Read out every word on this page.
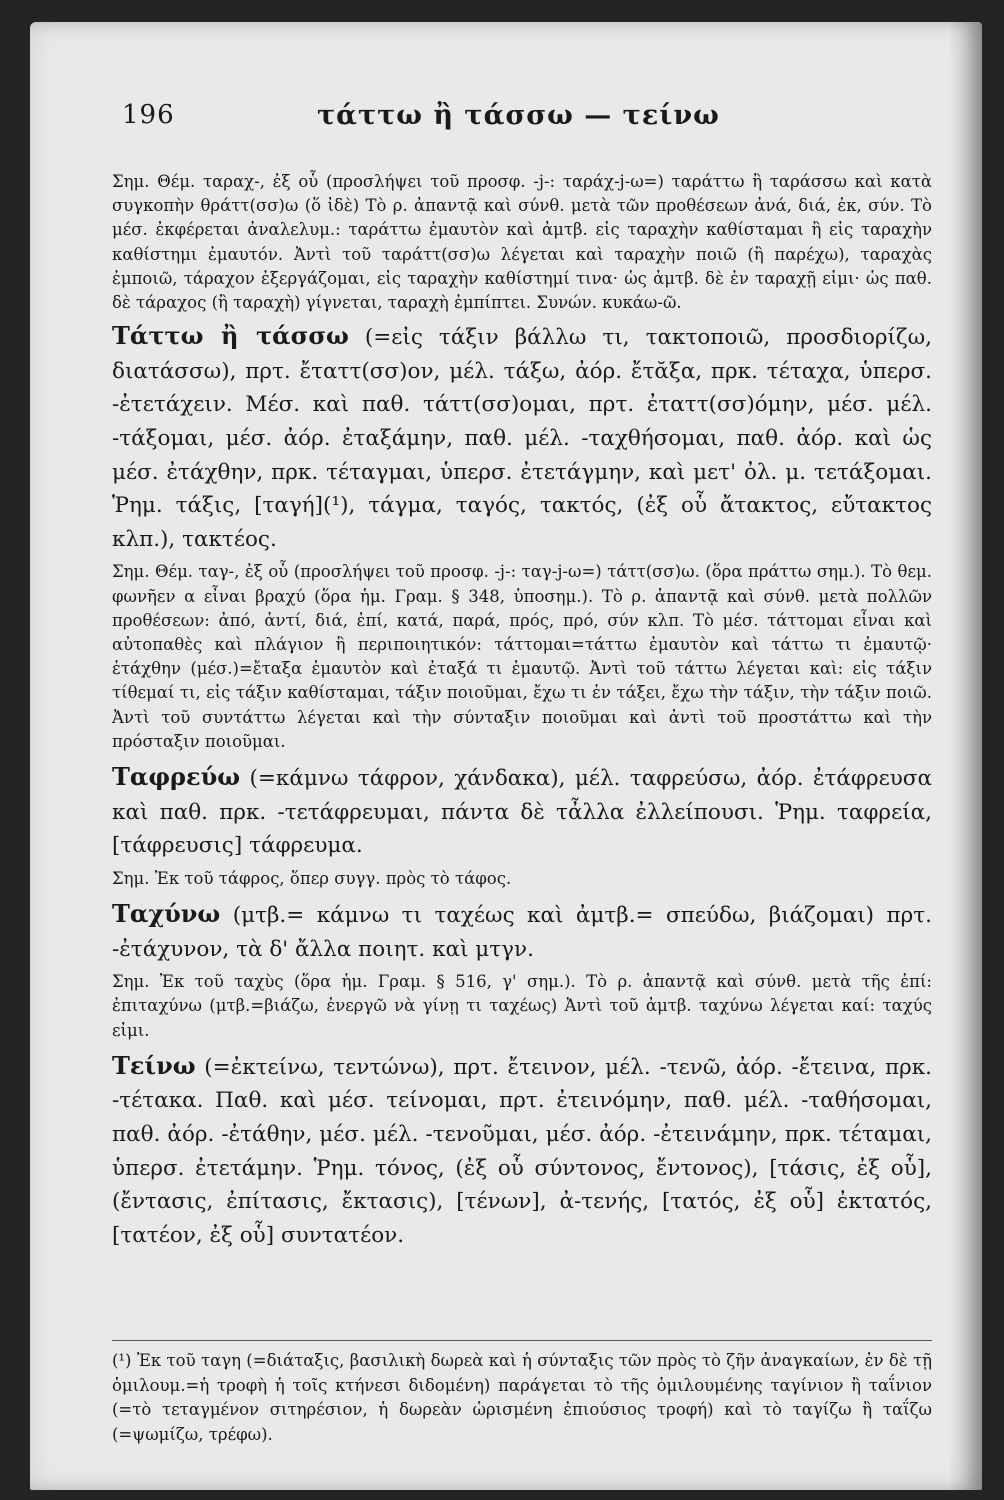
196	τάττω ἢ τάσσω — τείνω

Σημ. Θέμ. ταραχ-, ἐξ οὗ (προσλήψει τοῦ προσφ. -j-: ταράχ-j-ω=) ταράττω ἢ ταράσσω καὶ κατὰ συγκοπὴν θράττ(σσ)ω (ὅ ἰδὲ) Τὸ ρ. ἀπαντᾷ καὶ σύνθ. μετὰ τῶν προθέσεων ἀνά, διά, ἐκ, σύν. Τὸ μέσ. ἐκφέρεται ἀναλελυμ.: ταράττω ἐμαυτὸν καὶ ἀμτβ. εἰς ταραχὴν καθίσταμαι ἢ εἰς ταραχὴν καθίστημι ἐμαυτόν. Ἀντὶ τοῦ ταράττ(σσ)ω λέγεται καὶ ταραχὴν ποιῶ (ἢ παρέχω), ταραχὰς ἐμποιῶ, τάραχον ἐξεργάζομαι, εἰς ταραχὴν καθίστημί τινα· ὡς ἀμτβ. δὲ ἐν ταραχῇ εἰμι· ὡς παθ. δὲ τάραχος (ἢ ταραχὴ) γίγνεται, ταραχὴ ἐμπίπτει. Συνών. κυκάω-ῶ.

Τάττω ἢ τάσσω (=εἰς τάξιν βάλλω τι, τακτοποιῶ, προσδιορίζω, διατάσσω), πρτ. ἔταττ(σσ)ον, μέλ. τάξω, ἀόρ. ἔτᾰξα, πρκ. τέταχα, ὑπερσ. -ἐτετάχειν. Μέσ. καὶ παθ. τάττ(σσ)ομαι, πρτ. ἐταττ(σσ)όμην, μέσ. μέλ. -τάξομαι, μέσ. ἀόρ. ἐταξάμην, παθ. μέλ. -ταχθήσομαι, παθ. ἀόρ. καὶ ὡς μέσ. ἐτάχθην, πρκ. τέταγμαι, ὑπερσ. ἐτετάγμην, καὶ μετ' ὀλ. μ. τετάξομαι. Ῥημ. τάξις, [ταγή](¹), τάγμα, ταγός, τακτός, (ἐξ οὗ ἄτακτος, εὔτακτος κλπ.), τακτέος.

Σημ. Θέμ. ταγ-, ἐξ οὗ (προσλήψει τοῦ προσφ. -j-: ταγ-j-ω=) τάττ(σσ)ω. (ὅρα πράττω σημ.). Τὸ θεμ. φωνῆεν α εἶναι βραχύ (ὅρα ἡμ. Γραμ. § 348, ὑποσημ.). Τὸ ρ. ἀπαντᾷ καὶ σύνθ. μετὰ πολλῶν προθέσεων: ἀπό, ἀντί, διά, ἐπί, κατά, παρά, πρός, πρό, σύν κλπ. Τὸ μέσ. τάττομαι εἶναι καὶ αὐτοπαθὲς καὶ πλάγιον ἢ περιποιητικόν: τάττομαι=τάττω ἐμαυτὸν καὶ τάττω τι ἐμαυτῷ· ἐτάχθην (μέσ.)=ἔταξα ἐμαυτὸν καὶ ἐταξά τι ἐμαυτῷ. Ἀντὶ τοῦ τάττω λέγεται καὶ: εἰς τάξιν τίθεμαί τι, εἰς τάξιν καθίσταμαι, τάξιν ποιοῦμαι, ἔχω τι ἐν τάξει, ἔχω τὴν τάξιν, τὴν τάξιν ποιῶ. Ἀντὶ τοῦ συντάττω λέγεται καὶ τὴν σύνταξιν ποιοῦμαι καὶ ἀντὶ τοῦ προστάττω καὶ τὴν πρόσταξιν ποιοῦμαι.

Ταφρεύω (=κάμνω τάφρον, χάνδακα), μέλ. ταφρεύσω, ἀόρ. ἐτάφρευσα καὶ παθ. πρκ. -τετάφρευμαι, πάντα δὲ τἆλλα ἐλλείπουσι. Ῥημ. ταφρεία, [τάφρευσις] τάφρευμα.

Σημ. Ἐκ τοῦ τάφρος, ὅπερ συγγ. πρὸς τὸ τάφος.

Ταχύνω (μτβ.= κάμνω τι ταχέως καὶ ἀμτβ.= σπεύδω, βιάζομαι) πρτ. -ἐτάχυνον, τὰ δ' ἄλλα ποιητ. καὶ μτγν.

Σημ. Ἐκ τοῦ ταχὺς (ὅρα ἡμ. Γραμ. § 516, γ' σημ.). Τὸ ρ. ἀπαντᾷ καὶ σύνθ. μετὰ τῆς ἐπί: ἐπιταχύνω (μτβ.=βιάζω, ἐνεργῶ νὰ γίνῃ τι ταχέως) Ἀντὶ τοῦ ἀμτβ. ταχύνω λέγεται καί: ταχύς εἰμι.

Τείνω (=ἐκτείνω, τεντώνω), πρτ. ἔτεινον, μέλ. -τενῶ, ἀόρ. -ἔτεινα, πρκ. -τέτακα. Παθ. καὶ μέσ. τείνομαι, πρτ. ἐτεινόμην, παθ. μέλ. -ταθήσομαι, παθ. ἀόρ. -ἐτάθην, μέσ. μέλ. -τενοῦμαι, μέσ. ἀόρ. -ἐτεινάμην, πρκ. τέταμαι, ὑπερσ. ἐτετάμην. Ῥημ. τόνος, (ἐξ οὗ σύντονος, ἔντονος), [τάσις, ἐξ οὗ], (ἔντασις, ἐπίτασις, ἔκτασις), [τένων], ἀ-τενής, [τατός, ἐξ οὗ] ἐκτατός, [τατέον, ἐξ οὗ] συντατέον.

(¹) Ἐκ τοῦ ταγη (=διάταξις, βασιλικὴ δωρεὰ καὶ ἡ σύνταξις τῶν πρὸς τὸ ζῆν ἀναγκαίων, ἐν δὲ τῇ ὁμιλουμ.=ἡ τροφὴ ἡ τοῖς κτήνεσι διδομένη) παράγεται τὸ τῆς ὁμιλουμένης ταγίνιον ἢ ταΐνιον (=τὸ τεταγμένον σιτηρέσιον, ἡ δωρεὰν ὡρισμένη ἐπιούσιος τροφή) καὶ τὸ ταγίζω ἢ ταΐζω (=ψωμίζω, τρέφω).
